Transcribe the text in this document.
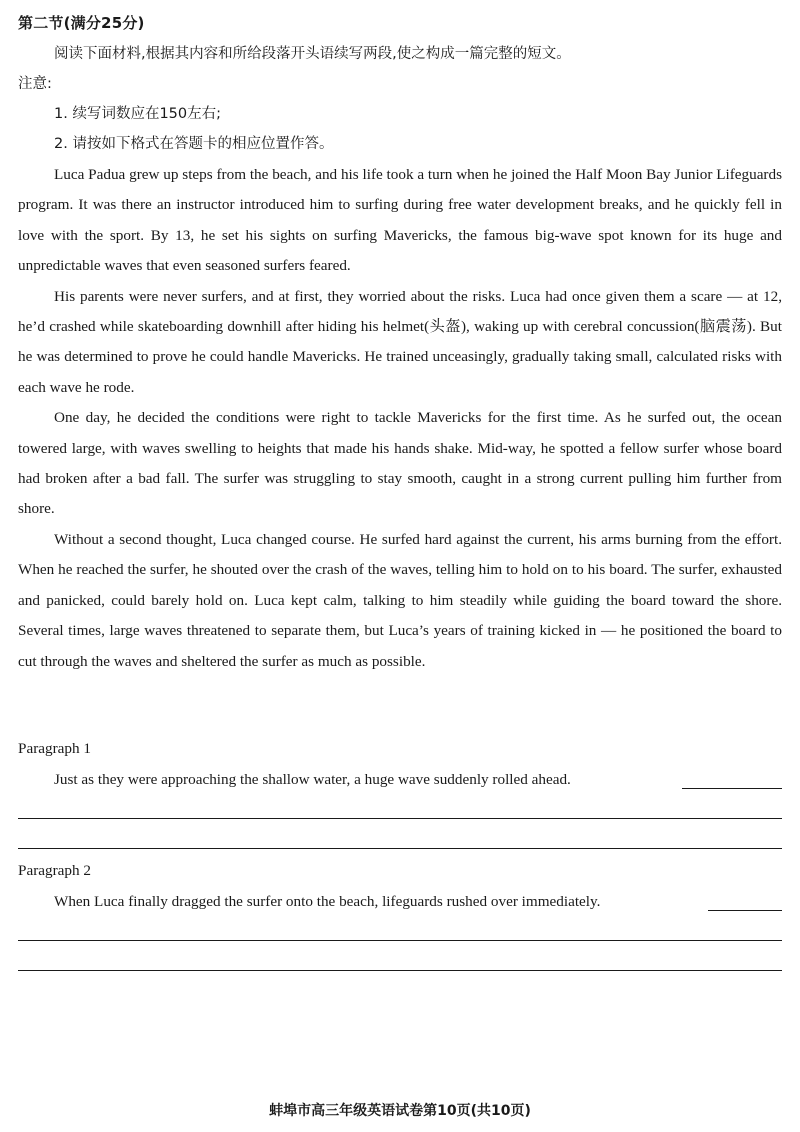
第二节(满分25分)
阅读下面材料,根据其内容和所给段落开头语续写两段,使之构成一篇完整的短文。
注意:
1. 续写词数应在150左右;
2. 请按如下格式在答题卡的相应位置作答。

Luca Padua grew up steps from the beach, and his life took a turn when he joined the Half Moon Bay Junior Lifeguards program. It was there an instructor introduced him to surfing during free water development breaks, and he quickly fell in love with the sport. By 13, he set his sights on surfing Mavericks, the famous big-wave spot known for its huge and unpredictable waves that even seasoned surfers feared.

His parents were never surfers, and at first, they worried about the risks. Luca had once given them a scare — at 12, he’d crashed while skateboarding downhill after hiding his helmet(头盔), waking up with cerebral concussion(脑震荡). But he was determined to prove he could handle Mavericks. He trained unceasingly, gradually taking small, calculated risks with each wave he rode.

One day, he decided the conditions were right to tackle Mavericks for the first time. As he surfed out, the ocean towered large, with waves swelling to heights that made his hands shake. Mid-way, he spotted a fellow surfer whose board had broken after a bad fall. The surfer was struggling to stay smooth, caught in a strong current pulling him further from shore.

Without a second thought, Luca changed course. He surfed hard against the current, his arms burning from the effort. When he reached the surfer, he shouted over the crash of the waves, telling him to hold on to his board. The surfer, exhausted and panicked, could barely hold on. Luca kept calm, talking to him steadily while guiding the board toward the shore. Several times, large waves threatened to separate them, but Luca’s years of training kicked in — he positioned the board to cut through the waves and sheltered the surfer as much as possible.

Paragraph 1
Just as they were approaching the shallow water, a huge wave suddenly rolled ahead.
Paragraph 2
When Luca finally dragged the surfer onto the beach, lifeguards rushed over immediately.
蚌埠市高三年级英语试卷第10页(共10页)
